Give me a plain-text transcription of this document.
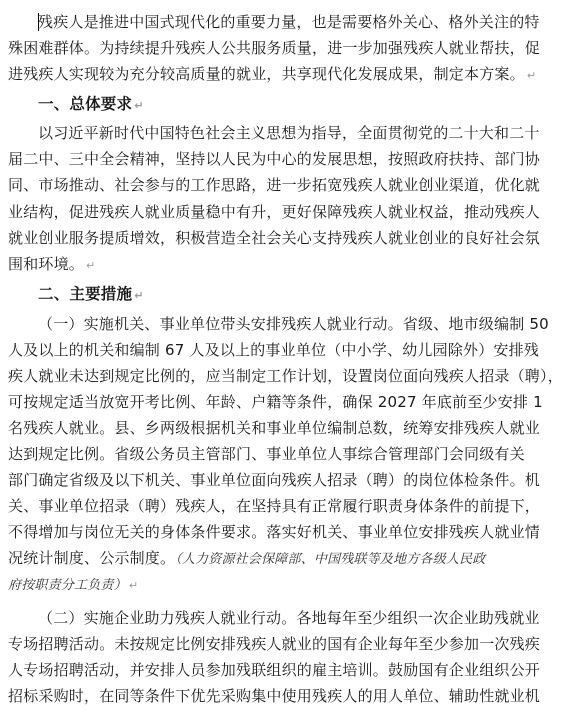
残疾人是推进中国式现代化的重要力量，也是需要格外关心、格外关注的特
殊困难群体。为持续提升残疾人公共服务质量，进一步加强残疾人就业帮扶，促
进残疾人实现较为充分较高质量的就业，共享现代化发展成果，制定本方案。 ↵
一、总体要求 ↵
以习近平新时代中国特色社会主义思想为指导，全面贯彻党的二十大和二十
届二中、三中全会精神，坚持以人民为中心的发展思想，按照政府扶持、部门协
同、市场推动、社会参与的工作思路，进一步拓宽残疾人就业创业渠道，优化就
业结构，促进残疾人就业质量稳中有升，更好保障残疾人就业权益，推动残疾人
就业创业服务提质增效，积极营造全社会关心支持残疾人就业创业的良好社会氛
围和环境。 ↵
二、主要措施 ↵
（一）实施机关、事业单位带头安排残疾人就业行动。省级、地市级编制 50
人及以上的机关和编制 67 人及以上的事业单位（中小学、幼儿园除外）安排残
疾人就业未达到规定比例的，应当制定工作计划，设置岗位面向残疾人招录（聘），
可按规定适当放宽开考比例、年龄、户籍等条件，确保 2027 年底前至少安排 1
名残疾人就业。县、乡两级根据机关和事业单位编制总数，统筹安排残疾人就业
达到规定比例。省级公务员主管部门、事业单位人事综合管理部门会同级有关
部门确定省级及以下机关、事业单位面向残疾人招录（聘）的岗位体检条件。机
关、事业单位招录（聘）残疾人，在坚持具有正常履行职责身体条件的前提下，
不得增加与岗位无关的身体条件要求。落实好机关、事业单位安排残疾人就业情
况统计制度、公示制度。（人力资源社会保障部、中国残联等及地方各级人民政
府按职责分工负责） ↵
（二）实施企业助力残疾人就业行动。各地每年至少组织一次企业助残就业
专场招聘活动。未按规定比例安排残疾人就业的国有企业每年至少参加一次残疾
人专场招聘活动，并安排人员参加残联组织的雇主培训。鼓励国有企业组织公开
招标采购时，在同等条件下优先采购集中使用残疾人的用人单位、辅助性就业机
